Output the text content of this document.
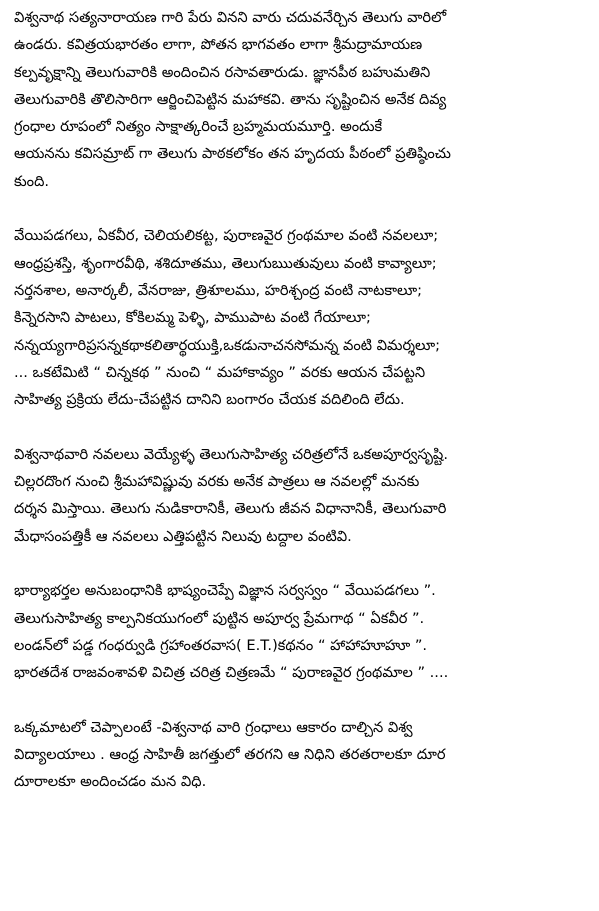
విశ్వనాథ సత్యనారాయణ గారి పేరు వినని వారు చదువనేర్చిన తెలుగు వారిలో
ఉండరు. కవిత్రయభారతం లాగా, పోతన భాగవతం లాగా శ్రీమద్రామాయణ
కల్పవృక్షాన్ని తెలుగువారికి అందించిన రసావతారుడు. జ్ఞానపీఠ బహుమతిని
తెలుగువారికి తొలిసారిగా ఆర్జించిపెట్టిన మహాకవి. తాను సృష్టించిన అనేక దివ్య
గ్రంధాల రూపంలో నిత్యం సాక్షాత్కరించే బ్రహ్మమయమూర్తి. అందుకే
ఆయనను కవిసమ్రాట్ గా తెలుగు పాఠకలోకం తన హృదయ పీఠంలో ప్రతిష్ఠించు
కుంది.
వేయిపడగలు, ఏకవీర, చెలియలికట్ట, పురాణవైర గ్రంథమాల వంటి నవలలూ;
ఆంధ్రప్రశస్తి, శృంగారవీథి, శశిదూతము, తెలుగుఋతువులు వంటి కావ్యాలూ;
నర్తనశాల, అనార్కలీ, వేనరాజు, త్రిశూలము, హరిశ్చంద్ర వంటి నాటకాలూ;
కిన్నెరసాని పాటలు, కోకిలమ్మ పెళ్ళి, పాముపాట వంటి గేయాలూ;
నన్నయ్యగారిప్రసన్నకథాకలితార్థయుక్తి,ఒకడునాచనసోమన్న వంటి విమర్శలూ;
... ఒకటేమిటి “ చిన్నకథ ” నుంచి “ మహాకావ్యం ” వరకు ఆయన చేపట్టని
సాహిత్య ప్రక్రియ లేదు-చేపట్టిన దానిని బంగారం చేయక వదిలింది లేదు.
విశ్వనాథవారి నవలలు వెయ్యేళ్ళ తెలుగుసాహిత్య చరిత్రలోనే ఒకఅపూర్వసృష్టి.
చిల్లరదొంగ నుంచి శ్రీమహావిష్ణువు వరకు అనేక పాత్రలు ఆ నవలల్లో మనకు
దర్శన మిస్తాయి. తెలుగు నుడికారానికీ, తెలుగు జీవన విధానానికీ, తెలుగువారి
మేధాసంపత్తికీ ఆ నవలలు ఎత్తిపట్టిన నిలువు టద్దాల వంటివి.
భార్యాభర్తల అనుబంధానికి భాష్యంచెప్పే విజ్ఞాన సర్వస్వం “ వేయిపడగలు ”.
తెలుగుసాహిత్య కాల్పనికయుగంలో పుట్టిన అపూర్వ ప్రేమగాథ “ ఏకవీర ”.
లండన్‌లో పడ్డ గంధర్వుడి గ్రహాంతరవాస( E.T.)కథనం “ హాహాహూహూ ”.
భారతదేశ రాజవంశావళి విచిత్ర చరిత్ర చిత్రణమే “ పురాణవైర గ్రంథమాల ” ....
ఒక్కమాటలో చెప్పాలంటే -విశ్వనాథ వారి గ్రంధాలు ఆకారం దాల్చిన విశ్వ
విద్యాలయాలు . ఆంధ్ర సాహితీ జగత్తులో తరగని ఆ నిధిని తరతరాలకూ దూర
దూరాలకూ అందించడం మన విధి.
